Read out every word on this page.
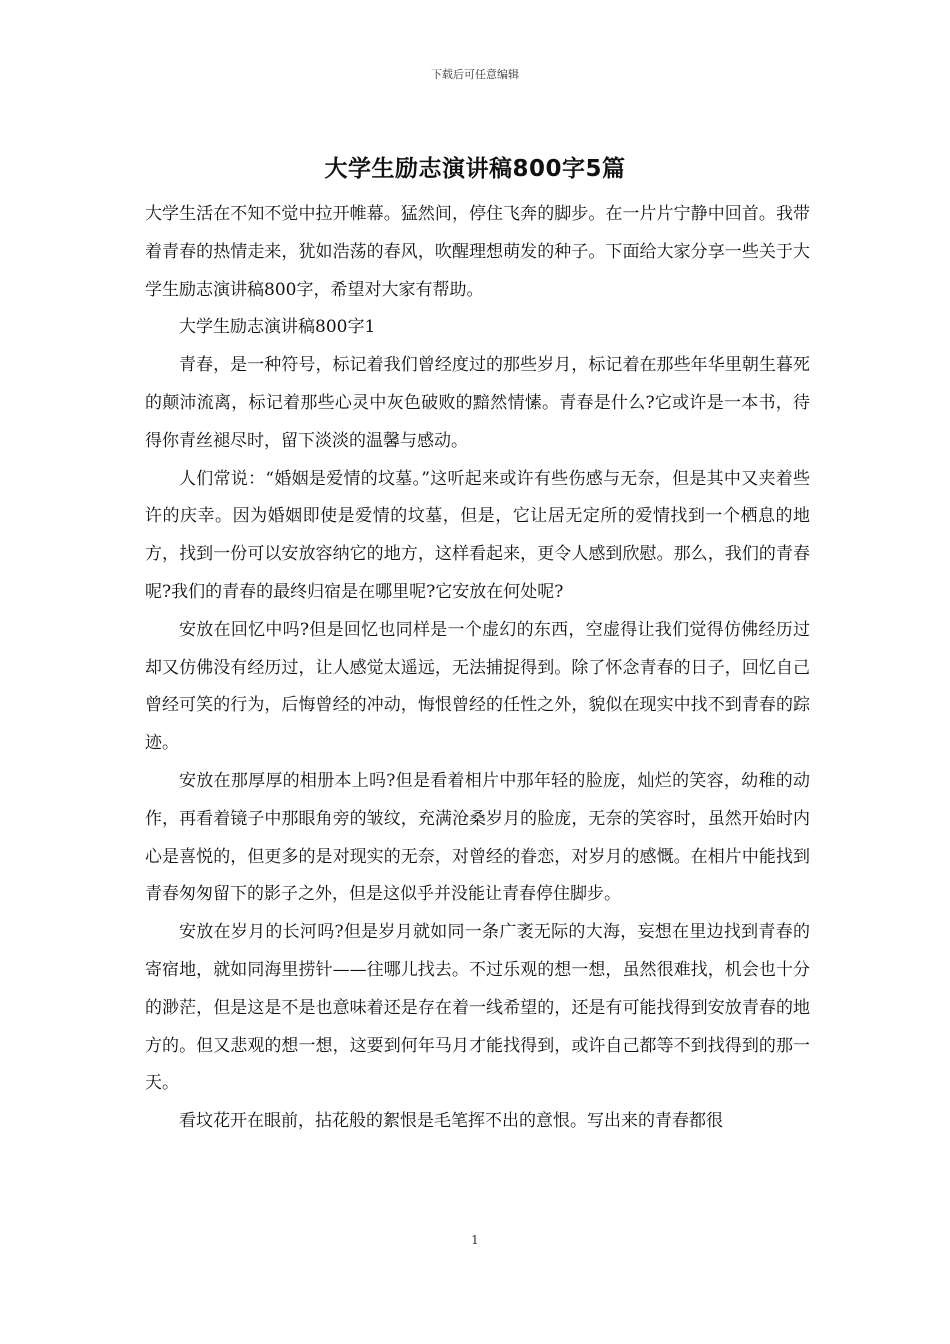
下载后可任意编辑
大学生励志演讲稿800字5篇

大学生活在不知不觉中拉开帷幕。猛然间，停住飞奔的脚步。在一片片宁静中回首。我带着青春的热情走来，犹如浩荡的春风，吹醒理想萌发的种子。下面给大家分享一些关于大学生励志演讲稿800字，希望对大家有帮助。

大学生励志演讲稿800字1

青春，是一种符号，标记着我们曾经度过的那些岁月，标记着在那些年华里朝生暮死的颠沛流离，标记着那些心灵中灰色破败的黯然情愫。青春是什么?它或许是一本书，待得你青丝褪尽时，留下淡淡的温馨与感动。

人们常说：“婚姻是爱情的坟墓。”这听起来或许有些伤感与无奈，但是其中又夹着些许的庆幸。因为婚姻即使是爱情的坟墓，但是，它让居无定所的爱情找到一个栖息的地方，找到一份可以安放容纳它的地方，这样看起来，更令人感到欣慰。那么，我们的青春呢?我们的青春的最终归宿是在哪里呢?它安放在何处呢?

安放在回忆中吗?但是回忆也同样是一个虚幻的东西，空虚得让我们觉得仿佛经历过却又仿佛没有经历过，让人感觉太遥远，无法捕捉得到。除了怀念青春的日子，回忆自己曾经可笑的行为，后悔曾经的冲动，悔恨曾经的任性之外，貌似在现实中找不到青春的踪迹。

安放在那厚厚的相册本上吗?但是看着相片中那年轻的脸庞，灿烂的笑容，幼稚的动作，再看着镜子中那眼角旁的皱纹，充满沧桑岁月的脸庞，无奈的笑容时，虽然开始时内心是喜悦的，但更多的是对现实的无奈，对曾经的眷恋，对岁月的感慨。在相片中能找到青春匆匆留下的影子之外，但是这似乎并没能让青春停住脚步。

安放在岁月的长河吗?但是岁月就如同一条广袤无际的大海，妄想在里边找到青春的寄宿地，就如同海里捞针——往哪儿找去。不过乐观的想一想，虽然很难找，机会也十分的渺茫，但是这是不是也意味着还是存在着一线希望的，还是有可能找得到安放青春的地方的。但又悲观的想一想，这要到何年马月才能找得到，或许自己都等不到找得到的那一天。

看坟花开在眼前，拈花般的絮恨是毛笔挥不出的意恨。写出来的青春都很

1
